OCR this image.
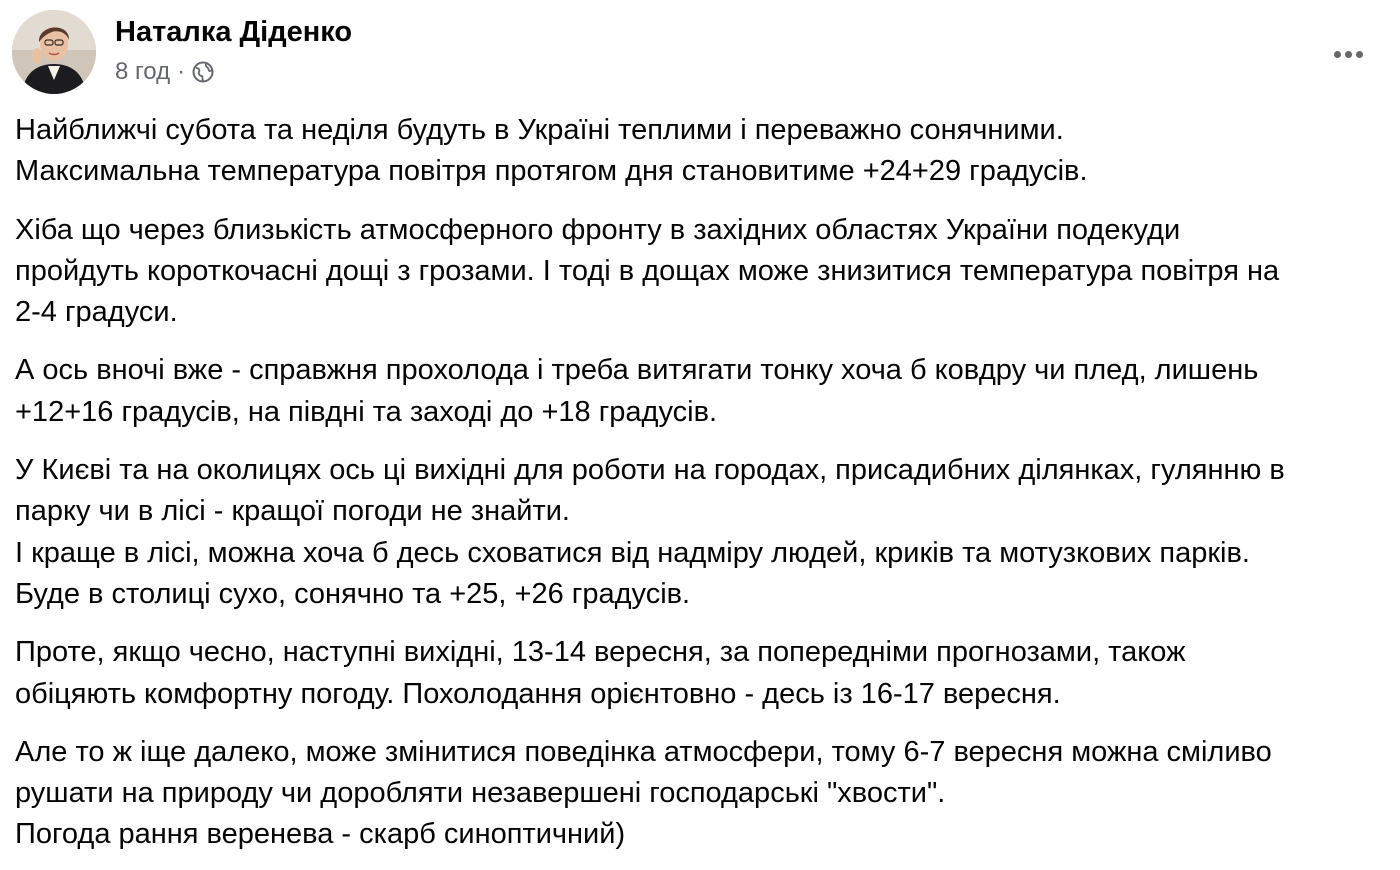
Наталка Діденко
8 год ·

Найближчі субота та неділя будуть в Україні теплими і переважно сонячними.
Максимальна температура повітря протягом дня становитиме +24+29 градусів.

Хіба що через близькість атмосферного фронту в західних областях України подекуди
пройдуть короткочасні дощі з грозами. І тоді в дощах може знизитися температура повітря на
2-4 градуси.

А ось вночі вже - справжня прохолода і треба витягати тонку хоча б ковдру чи плед, лишень
+12+16 градусів, на півдні та заході до +18 градусів.

У Києві та на околицях ось ці вихідні для роботи на городах, присадибних ділянках, гулянню в
парку чи в лісі - кращої погоди не знайти.
І краще в лісі, можна хоча б десь сховатися від надміру людей, криків та мотузкових парків.
Буде в столиці сухо, сонячно та +25, +26 градусів.

Проте, якщо чесно, наступні вихідні, 13-14 вересня, за попередніми прогнозами, також
обіцяють комфортну погоду. Похолодання орієнтовно - десь із 16-17 вересня.

Але то ж іще далеко, може змінитися поведінка атмосфери, тому 6-7 вересня можна сміливо
рушати на природу чи доробляти незавершені господарські "хвости".
Погода рання веренева - скарб синоптичний)
